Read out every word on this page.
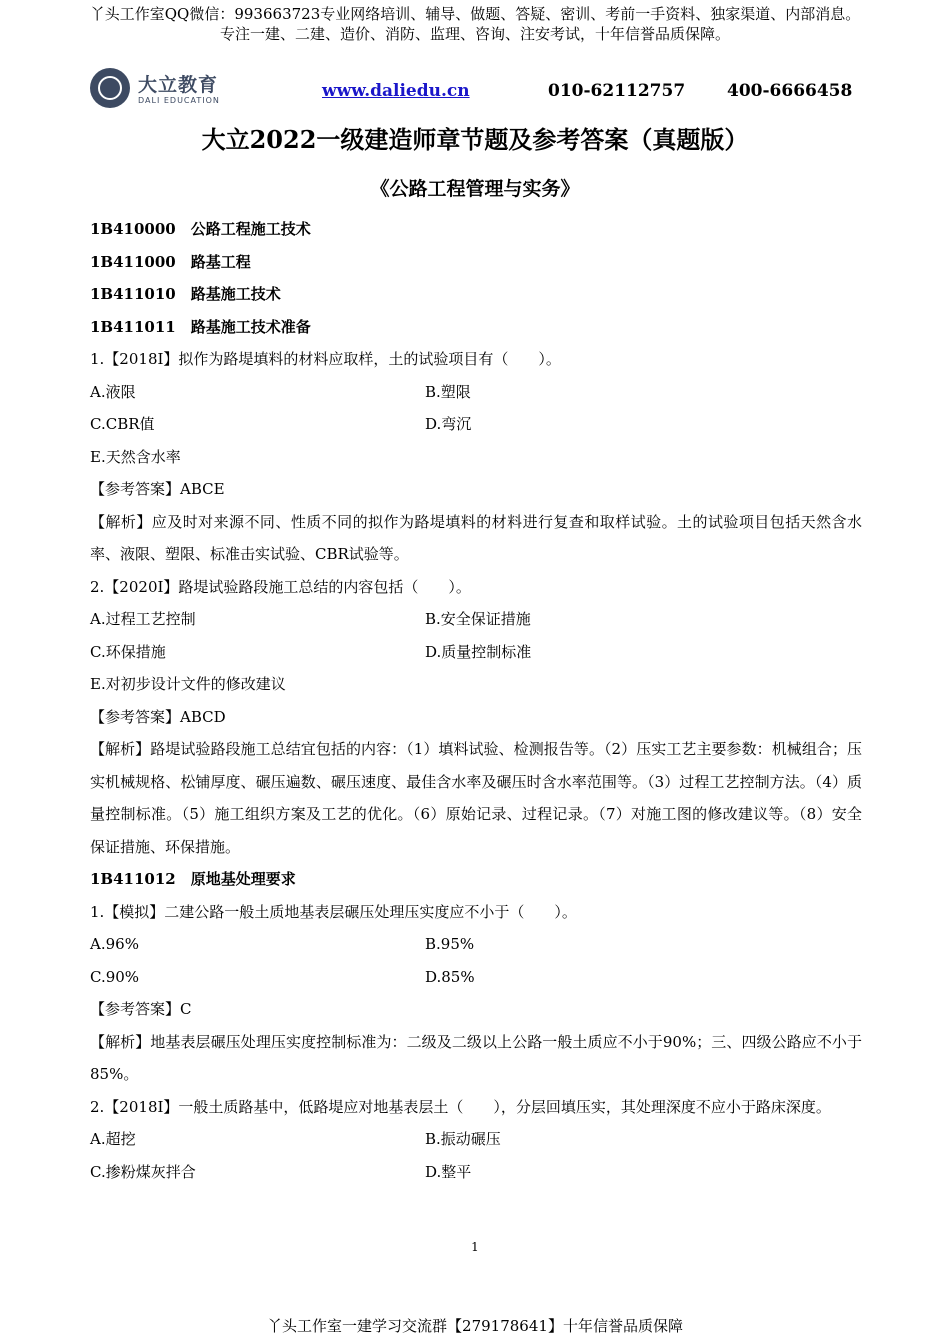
丫头工作室QQ微信：993663723专业网络培训、辅导、做题、答疑、密训、考前一手资料、独家渠道、内部消息。
专注一建、二建、造价、消防、监理、咨询、注安考试，十年信誉品质保障。
大立教育
DALI EDUCATION	www.daliedu.cn	010-62112757 400-6666458
大立2022一级建造师章节题及参考答案（真题版）
《公路工程管理与实务》
1B410000　公路工程施工技术
1B411000　路基工程
1B411010　路基施工技术
1B411011　路基施工技术准备
1.【2018Ⅰ】拟作为路堤填料的材料应取样，土的试验项目有（　　）。
A.液限	B.塑限
C.CBR值	D.弯沉
E.天然含水率
【参考答案】ABCE
【解析】应及时对来源不同、性质不同的拟作为路堤填料的材料进行复查和取样试验。土的试验项目包括天然含水率、液限、塑限、标准击实试验、CBR试验等。
2.【2020Ⅰ】路堤试验路段施工总结的内容包括（　　）。
A.过程工艺控制	B.安全保证措施
C.环保措施	D.质量控制标准
E.对初步设计文件的修改建议
【参考答案】ABCD
【解析】路堤试验路段施工总结宜包括的内容：（1）填料试验、检测报告等。（2）压实工艺主要参数：机械组合；压实机械规格、松铺厚度、碾压遍数、碾压速度、最佳含水率及碾压时含水率范围等。（3）过程工艺控制方法。（4）质量控制标准。（5）施工组织方案及工艺的优化。（6）原始记录、过程记录。（7）对施工图的修改建议等。（8）安全保证措施、环保措施。
1B411012　原地基处理要求
1.【模拟】二建公路一般土质地基表层碾压处理压实度应不小于（　　）。
A.96%	B.95%
C.90%	D.85%
【参考答案】C
【解析】地基表层碾压处理压实度控制标准为：二级及二级以上公路一般土质应不小于90%；三、四级公路应不小于85%。
2.【2018Ⅰ】一般土质路基中，低路堤应对地基表层土（　　），分层回填压实，其处理深度不应小于路床深度。
A.超挖	B.振动碾压
C.掺粉煤灰拌合	D.整平
1
丫头工作室一建学习交流群【279178641】十年信誉品质保障
